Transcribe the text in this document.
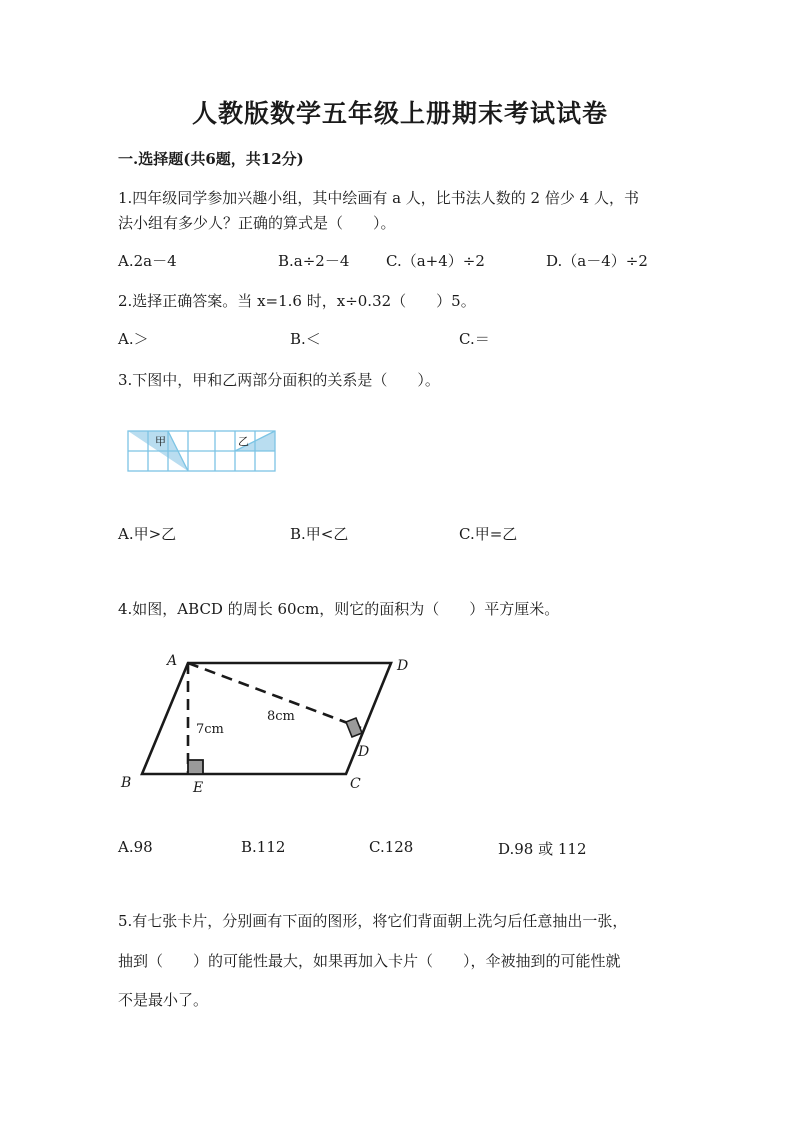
人教版数学五年级上册期末考试试卷
一.选择题(共6题，共12分)
1.四年级同学参加兴趣小组，其中绘画有 a 人，比书法人数的 2 倍少 4 人，书
法小组有多少人？正确的算式是（　　）。
A.2a－4	B.a÷2－4 C.（a+4）÷2	D.（a－4）÷2
2.选择正确答案。当 x=1.6 时，x÷0.32（　　）5。
A.＞	B.＜	C.＝
3.下图中，甲和乙两部分面积的关系是（　　）。
甲	乙
A.甲>乙	B.甲<乙	C.甲=乙
4.如图，ABCD 的周长 60cm，则它的面积为（　　）平方厘米。
A	D
B	C
D
E
7cm
8cm
A.98	B.112	C.128	D.98 或 112
5.有七张卡片，分别画有下面的图形，将它们背面朝上洗匀后任意抽出一张，
抽到（　　）的可能性最大，如果再加入卡片（　　），伞被抽到的可能性就
不是最小了。
